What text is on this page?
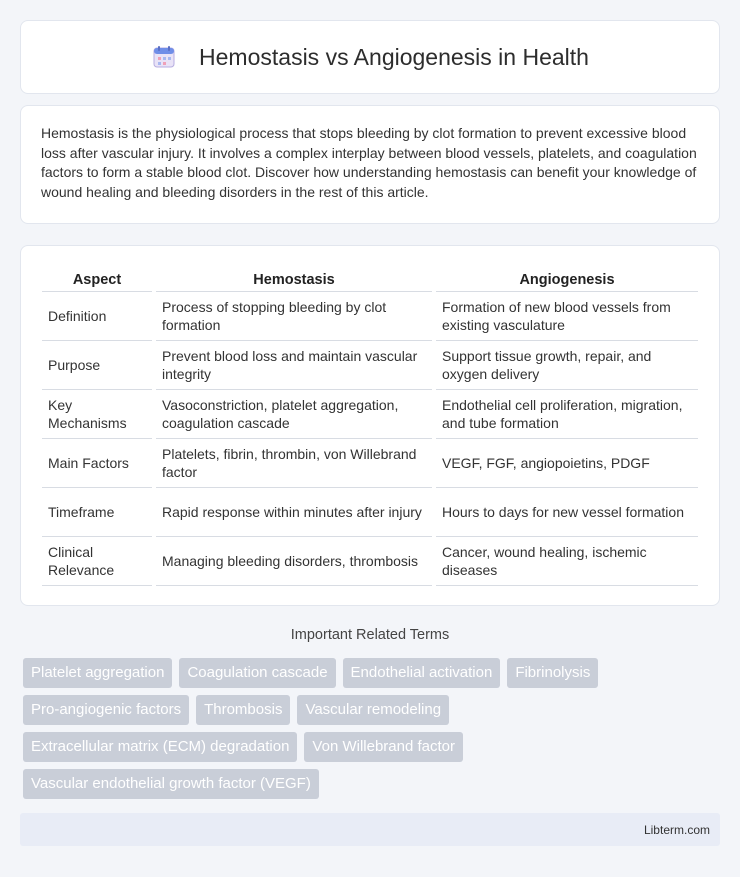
Hemostasis vs Angiogenesis in Health

Hemostasis is the physiological process that stops bleeding by clot formation to prevent excessive blood loss after vascular injury. It involves a complex interplay between blood vessels, platelets, and coagulation factors to form a stable blood clot. Discover how understanding hemostasis can benefit your knowledge of wound healing and bleeding disorders in the rest of this article.

Aspect	Hemostasis	Angiogenesis
Definition	Process of stopping bleeding by clot formation	Formation of new blood vessels from existing vasculature
Purpose	Prevent blood loss and maintain vascular integrity	Support tissue growth, repair, and oxygen delivery
Key Mechanisms	Vasoconstriction, platelet aggregation, coagulation cascade	Endothelial cell proliferation, migration, and tube formation
Main Factors	Platelets, fibrin, thrombin, von Willebrand factor	VEGF, FGF, angiopoietins, PDGF
Timeframe	Rapid response within minutes after injury	Hours to days for new vessel formation
Clinical Relevance	Managing bleeding disorders, thrombosis	Cancer, wound healing, ischemic diseases
Important Related Terms
Platelet aggregation	Coagulation cascade	Endothelial activation	Fibrinolysis
Pro-angiogenic factors	Thrombosis	Vascular remodeling
Extracellular matrix (ECM) degradation	Von Willebrand factor
Vascular endothelial growth factor (VEGF)
Libterm.com
